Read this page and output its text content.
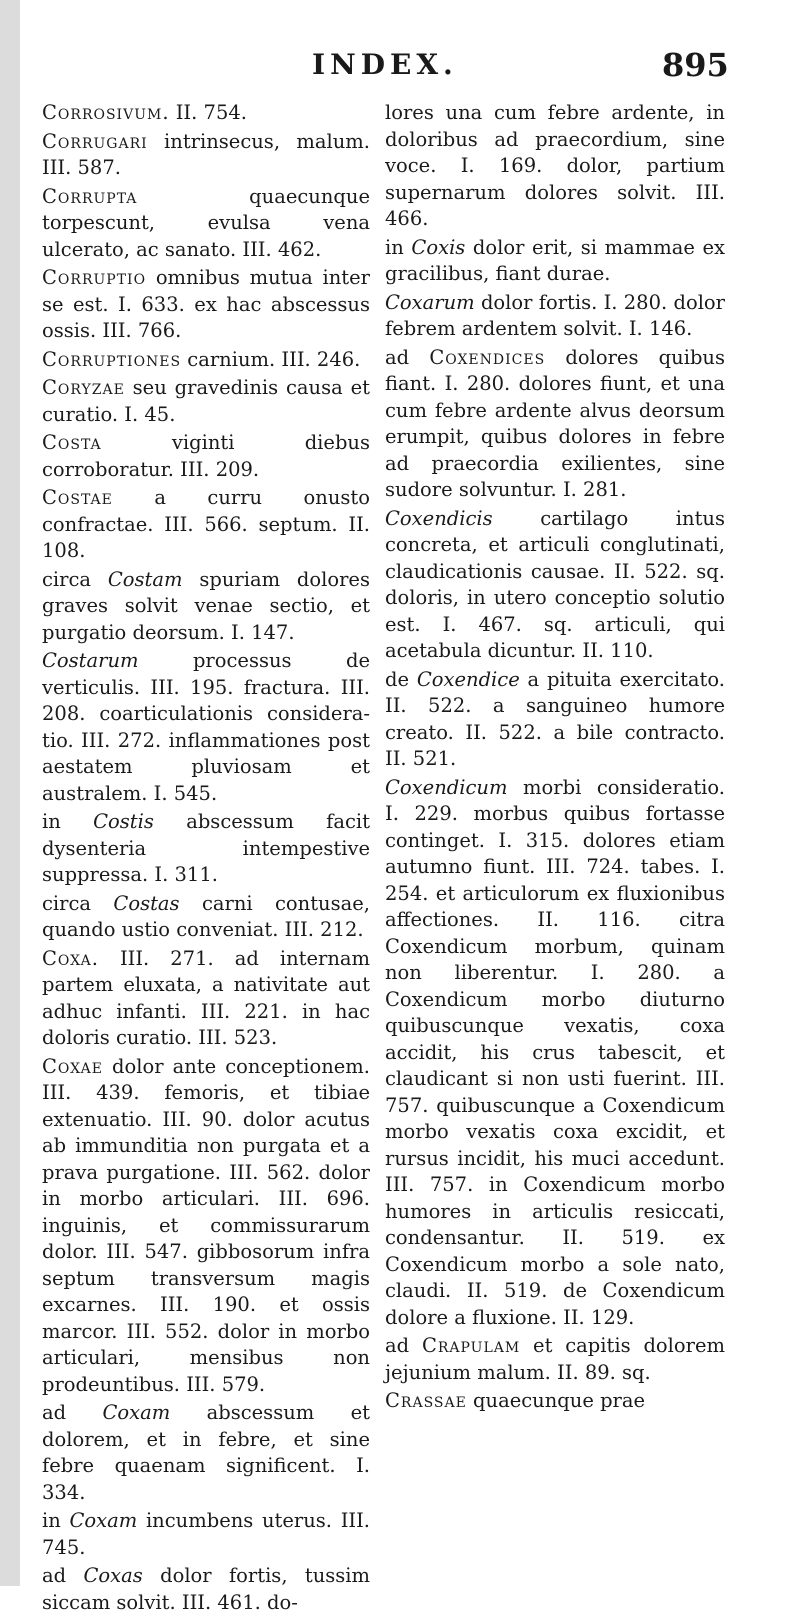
INDEX.	895

Corrosivum. II. 754.

Corrugari intrinsecus, malum. III. 587.

Corrupta quaecunque torpescunt, evulsa vena ulcerato, ac sanato. III. 462.

Corruptio omnibus mutua inter se est. I. 633. ex hac abscessus ossis. III. 766.

Corruptiones carnium. III. 246.

Coryzae seu gravedinis causa et curatio. I. 45.

Costa viginti diebus corroboratur. III. 209.

Costae a curru onusto confractae. III. 566. septum. II. 108.

circa Costam spuriam dolores graves solvit venae sectio, et purgatio deorsum. I. 147.

Costarum processus de verticulis. III. 195. fractura. III. 208. coarticulationis considera- tio. III. 272. inflammationes post aestatem pluviosam et australem. I. 545.

in Costis abscessum facit dysenteria intempestive suppressa. I. 311.

circa Costas carni contusae, quando ustio conveniat. III. 212.

Coxa. III. 271. ad internam partem eluxata, a nativitate aut adhuc infanti. III. 221. in hac doloris curatio. III. 523.

Coxae dolor ante conceptionem. III. 439. femoris, et tibiae extenuatio. III. 90. dolor acutus ab immunditia non purgata et a prava purgatione. III. 562. dolor in morbo articulari. III. 696. inguinis, et commissurarum dolor. III. 547. gibbosorum infra septum transversum magis excarnes. III. 190. et ossis marcor. III. 552. dolor in morbo articulari, mensibus non prodeuntibus. III. 579.

ad Coxam abscessum et dolorem, et in febre, et sine febre quaenam significent. I. 334.

in Coxam incumbens uterus. III. 745.

ad Coxas dolor fortis, tussim siccam solvit. III. 461. do-

lores una cum febre ardente, in doloribus ad praecordium, sine voce. I. 169. dolor, partium supernarum dolores solvit. III. 466.

in Coxis dolor erit, si mammae ex gracilibus, fiant durae.

Coxarum dolor fortis. I. 280. dolor febrem ardentem solvit. I. 146.

ad Coxendices dolores quibus fiant. I. 280. dolores fiunt, et una cum febre ardente alvus deorsum erumpit, quibus dolores in febre ad praecordia exilientes, sine sudore solvuntur. I. 281.

Coxendicis cartilago intus concreta, et articuli conglutinati, claudicationis causae. II. 522. sq. doloris, in utero conceptio solutio est. I. 467. sq. articuli, qui acetabula dicuntur. II. 110.

de Coxendice a pituita exercitato. II. 522. a sanguineo humore creato. II. 522. a bile contracto. II. 521.

Coxendicum morbi consideratio. I. 229. morbus quibus fortasse continget. I. 315. dolores etiam autumno fiunt. III. 724. tabes. I. 254. et articulorum ex fluxionibus affectiones. II. 116. citra Coxendicum morbum, quinam non liberentur. I. 280. a Coxendicum morbo diuturno quibuscunque vexatis, coxa accidit, his crus tabescit, et claudicant si non usti fuerint. III. 757. quibuscunque a Coxendicum morbo vexatis coxa excidit, et rursus incidit, his muci accedunt. III. 757. in Coxendicum morbo humores in articulis resiccati, condensantur. II. 519. ex Coxendicum morbo a sole nato, claudi. II. 519. de Coxendicum dolore a fluxione. II. 129.

ad Crapulam et capitis dolorem jejunium malum. II. 89. sq.

Crassae quaecunque prae
